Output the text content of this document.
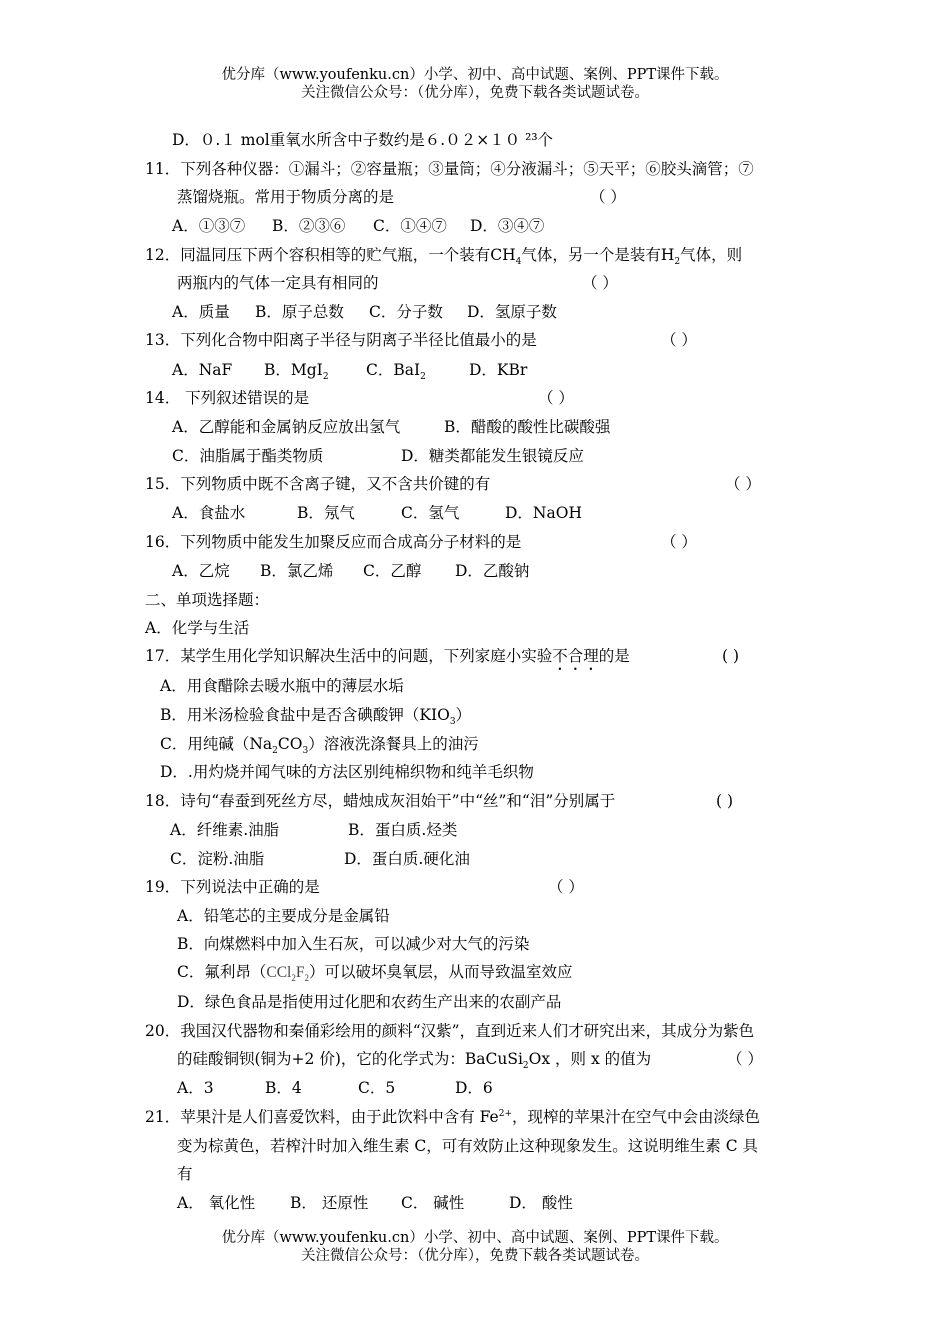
优分库（www.youfenku.cn）小学、初中、高中试题、案例、PPT课件下载。
关注微信公众号：（优分库），免费下载各类试题试卷。
D．０.１ mol重氧水所含中子数约是６.０２×１０ ²³个
11．下列各种仪器：①漏斗；②容量瓶；③量筒；④分液漏斗；⑤天平；⑥胶头滴管；⑦
蒸馏烧瓶。常用于物质分离的是	（ ）
A．①③⑦ B．②③⑥ C．①④⑦ D．③④⑦
12．同温同压下两个容积相等的贮气瓶，一个装有$CH_4$气体，另一个是装有$H_2$气体，则
两瓶内的气体一定具有相同的	（ ）
A．质量 B．原子总数 C．分子数 D．氢原子数
13．下列化合物中阳离子半径与阴离子半径比值最小的是	（ ）
A．NaF B．MgI$_2$ C．BaI$_2$	D．KBr
14． 下列叙述错误的是	（ ）
A．乙醇能和金属钠反应放出氢气	B．醋酸的酸性比碳酸强
C．油脂属于酯类物质	D．糖类都能发生银镜反应
15．下列物质中既不含离子键，又不含共价键的有	（ ）
A．食盐水	B．氖气	C．氢气	D．NaOH
16．下列物质中能发生加聚反应而合成高分子材料的是	（ ）
A．乙烷 B．氯乙烯 C．乙醇 D．乙酸钠
二、单项选择题：
A．化学与生活
17．某学生用化学知识解决生活中的问题，下列家庭小实验不合理的是	( )
A．用食醋除去暖水瓶中的薄层水垢
B．用米汤检验食盐中是否含碘酸钾$(KIO_3)$
C．用纯碱$(Na_2CO_3)$溶液洗涤餐具上的油污
D．.用灼烧并闻气味的方法区别纯棉织物和纯羊毛织物
18．诗句“春蚕到死丝方尽，蜡烛成灰泪始干”中“丝”和“泪”分别属于	( )
A．纤维素.油脂	B．蛋白质.烃类
C．淀粉.油脂	D．蛋白质.硬化油
19．下列说法中正确的是	（ ）
A．铅笔芯的主要成分是金属铅
B．向煤燃料中加入生石灰，可以减少对大气的污染
C．氟利昂$(CCl_2F_2)$可以破坏臭氧层，从而导致温室效应
D．绿色食品是指使用过化肥和农药生产出来的农副产品
20．我国汉代器物和秦俑彩绘用的颜料“汉紫”，直到近来人们才研究出来，其成分为紫色
的硅酸铜钡(铜为+2 价)，它的化学式为：BaCuSi$_2$Ox ，则 x 的值为	（ ）
A．3	B．4	C．5	D．6
21．苹果汁是人们喜爱饮料，由于此饮料中含有 $Fe^{2+}$，现榨的苹果汁在空气中会由淡绿色
变为棕黄色，若榨汁时加入维生素 C，可有效防止这种现象发生。这说明维生素 C 具
有
A． 氧化性 B． 还原性 C． 碱性	D． 酸性
优分库（www.youfenku.cn）小学、初中、高中试题、案例、PPT课件下载。
关注微信公众号：（优分库），免费下载各类试题试卷。
